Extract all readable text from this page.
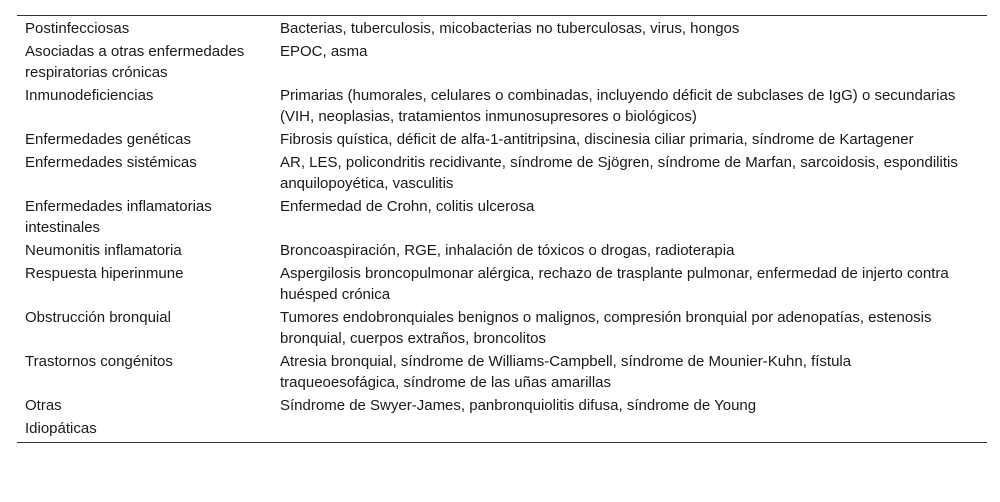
Postinfecciosas	Bacterias, tuberculosis, micobacterias no tuberculosas, virus, hongos
Asociadas a otras enfermedades respiratorias crónicas	EPOC, asma
Inmunodeficiencias	Primarias (humorales, celulares o combinadas, incluyendo déficit de subclases de IgG) o secundarias (VIH, neoplasias, tratamientos inmunosupresores o biológicos)
Enfermedades genéticas	Fibrosis quística, déficit de alfa-1-antitripsina, discinesia ciliar primaria, síndrome de Kartagener
Enfermedades sistémicas	AR, LES, policondritis recidivante, síndrome de Sjögren, síndrome de Marfan, sarcoidosis, espondilitis anquilopoyética, vasculitis
Enfermedades inflamatorias intestinales	Enfermedad de Crohn, colitis ulcerosa
Neumonitis inflamatoria	Broncoaspiración, RGE, inhalación de tóxicos o drogas, radioterapia
Respuesta hiperinmune	Aspergilosis broncopulmonar alérgica, rechazo de trasplante pulmonar, enfermedad de injerto contra huésped crónica
Obstrucción bronquial	Tumores endobronquiales benignos o malignos, compresión bronquial por adenopatías, estenosis bronquial, cuerpos extraños, broncolitos
Trastornos congénitos	Atresia bronquial, síndrome de Williams-Campbell, síndrome de Mounier-Kuhn, fístula traqueoesofágica, síndrome de las uñas amarillas
Otras	Síndrome de Swyer-James, panbronquiolitis difusa, síndrome de Young
Idiopáticas	
